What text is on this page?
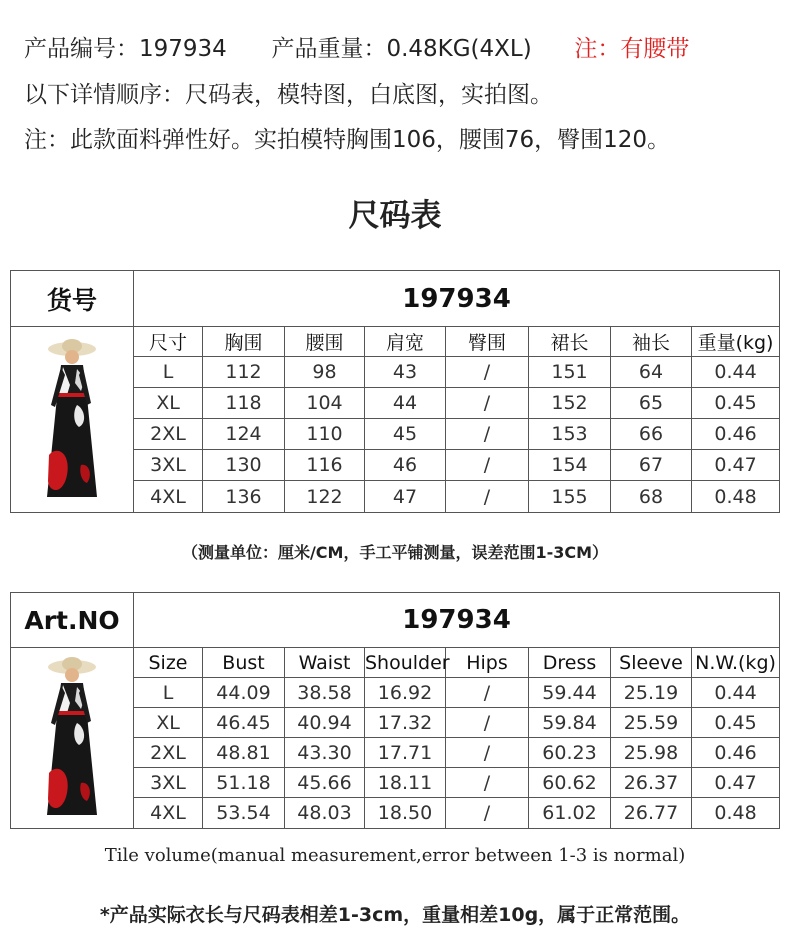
产品编号：197934 产品重量：0.48KG(4XL) 注：有腰带
以下详情顺序：尺码表，模特图，白底图，实拍图。
注：此款面料弹性好。实拍模特胸围106，腰围76，臀围120。
尺码表
货号	197934							

	尺寸	胸围	腰围	肩宽	臀围	裙长	袖长	重量(kg)
	L	112	98	43	/	151	64	0.44
	XL	118	104	44	/	152	65	0.45
	2XL	124	110	45	/	153	66	0.46
	3XL	130	116	46	/	154	67	0.47
	4XL	136	122	47	/	155	68	0.48
（测量单位：厘米/CM，手工平铺测量，误差范围1-3CM）
Art.NO	197934							

	Size	Bust	Waist	Shoulder	Hips	Dress	Sleeve	N.W.(kg)
	L	44.09	38.58	16.92	/	59.44	25.19	0.44
	XL	46.45	40.94	17.32	/	59.84	25.59	0.45
	2XL	48.81	43.30	17.71	/	60.23	25.98	0.46
	3XL	51.18	45.66	18.11	/	60.62	26.37	0.47
	4XL	53.54	48.03	18.50	/	61.02	26.77	0.48
Tile volume(manual measurement,error between 1-3 is normal)
*产品实际衣长与尺码表相差1-3cm，重量相差10g，属于正常范围。
